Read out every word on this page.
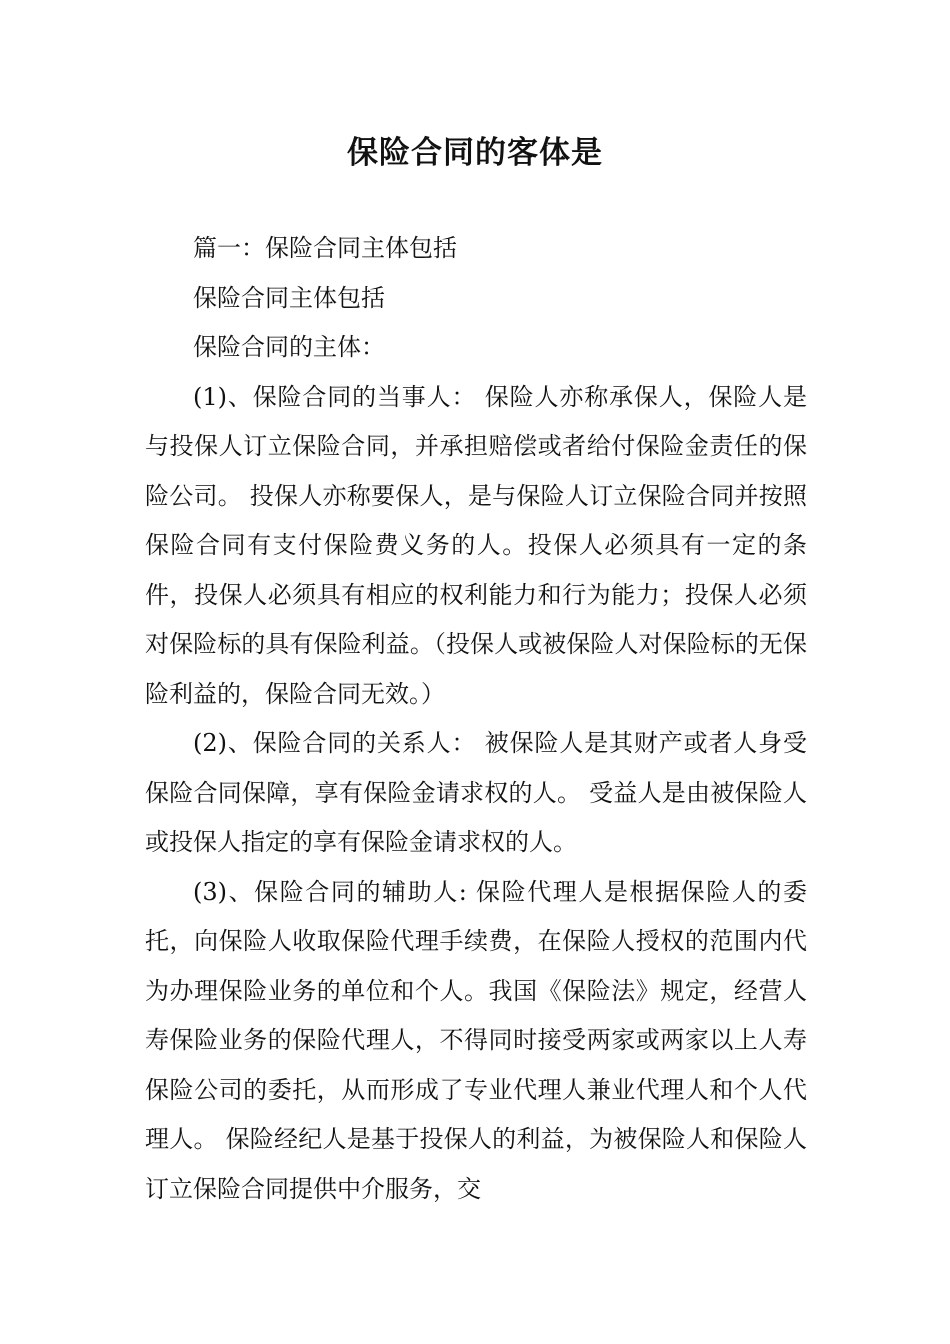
保险合同的客体是

篇一：保险合同主体包括

保险合同主体包括

保险合同的主体：

(1)、保险合同的当事人： 保险人亦称承保人，保险人是与投保人订立保险合同，并承担赔偿或者给付保险金责任的保险公司。 投保人亦称要保人，是与保险人订立保险合同并按照保险合同有支付保险费义务的人。投保人必须具有一定的条件，投保人必须具有相应的权利能力和行为能力；投保人必须对保险标的具有保险利益。（投保人或被保险人对保险标的无保险利益的，保险合同无效。）

(2)、保险合同的关系人： 被保险人是其财产或者人身受保险合同保障，享有保险金请求权的人。 受益人是由被保险人或投保人指定的享有保险金请求权的人。

(3)、保险合同的辅助人: 保险代理人是根据保险人的委托，向保险人收取保险代理手续费，在保险人授权的范围内代为办理保险业务的单位和个人。我国《保险法》规定，经营人寿保险业务的保险代理人，不得同时接受两家或两家以上人寿保险公司的委托，从而形成了专业代理人兼业代理人和个人代理人。 保险经纪人是基于投保人的利益，为被保险人和保险人订立保险合同提供中介服务，交
